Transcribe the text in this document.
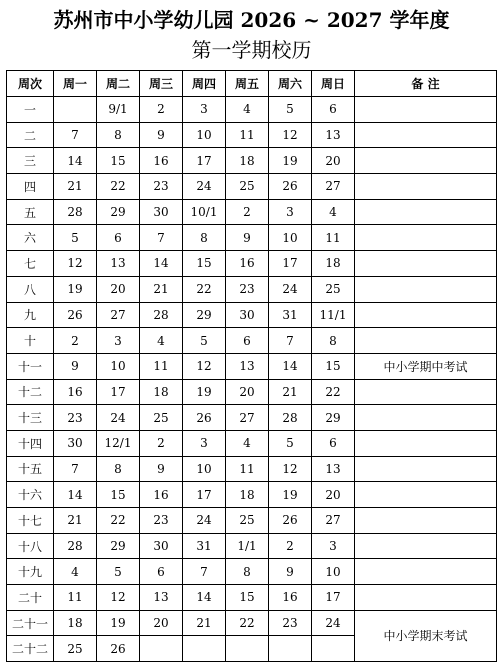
苏州市中小学幼儿园 2026 ~ 2027 学年度
第一学期校历
周次	周一	周二	周三	周四	周五	周六	周日	备 注
一		9/1	2	3	4	5	6	
二	7	8	9	10	11	12	13	
三	14	15	16	17	18	19	20	
四	21	22	23	24	25	26	27	
五	28	29	30	10/1	2	3	4	
六	5	6	7	8	9	10	11	
七	12	13	14	15	16	17	18	
八	19	20	21	22	23	24	25	
九	26	27	28	29	30	31	11/1	
十	2	3	4	5	6	7	8	
十一	9	10	11	12	13	14	15	中小学期中考试
十二	16	17	18	19	20	21	22	
十三	23	24	25	26	27	28	29	
十四	30	12/1	2	3	4	5	6	
十五	7	8	9	10	11	12	13	
十六	14	15	16	17	18	19	20	
十七	21	22	23	24	25	26	27	
十八	28	29	30	31	1/1	2	3	
十九	4	5	6	7	8	9	10	
二十	11	12	13	14	15	16	17	
二十一	18	19	20	21	22	23	24	中小学期末考试
二十二	25	26						
